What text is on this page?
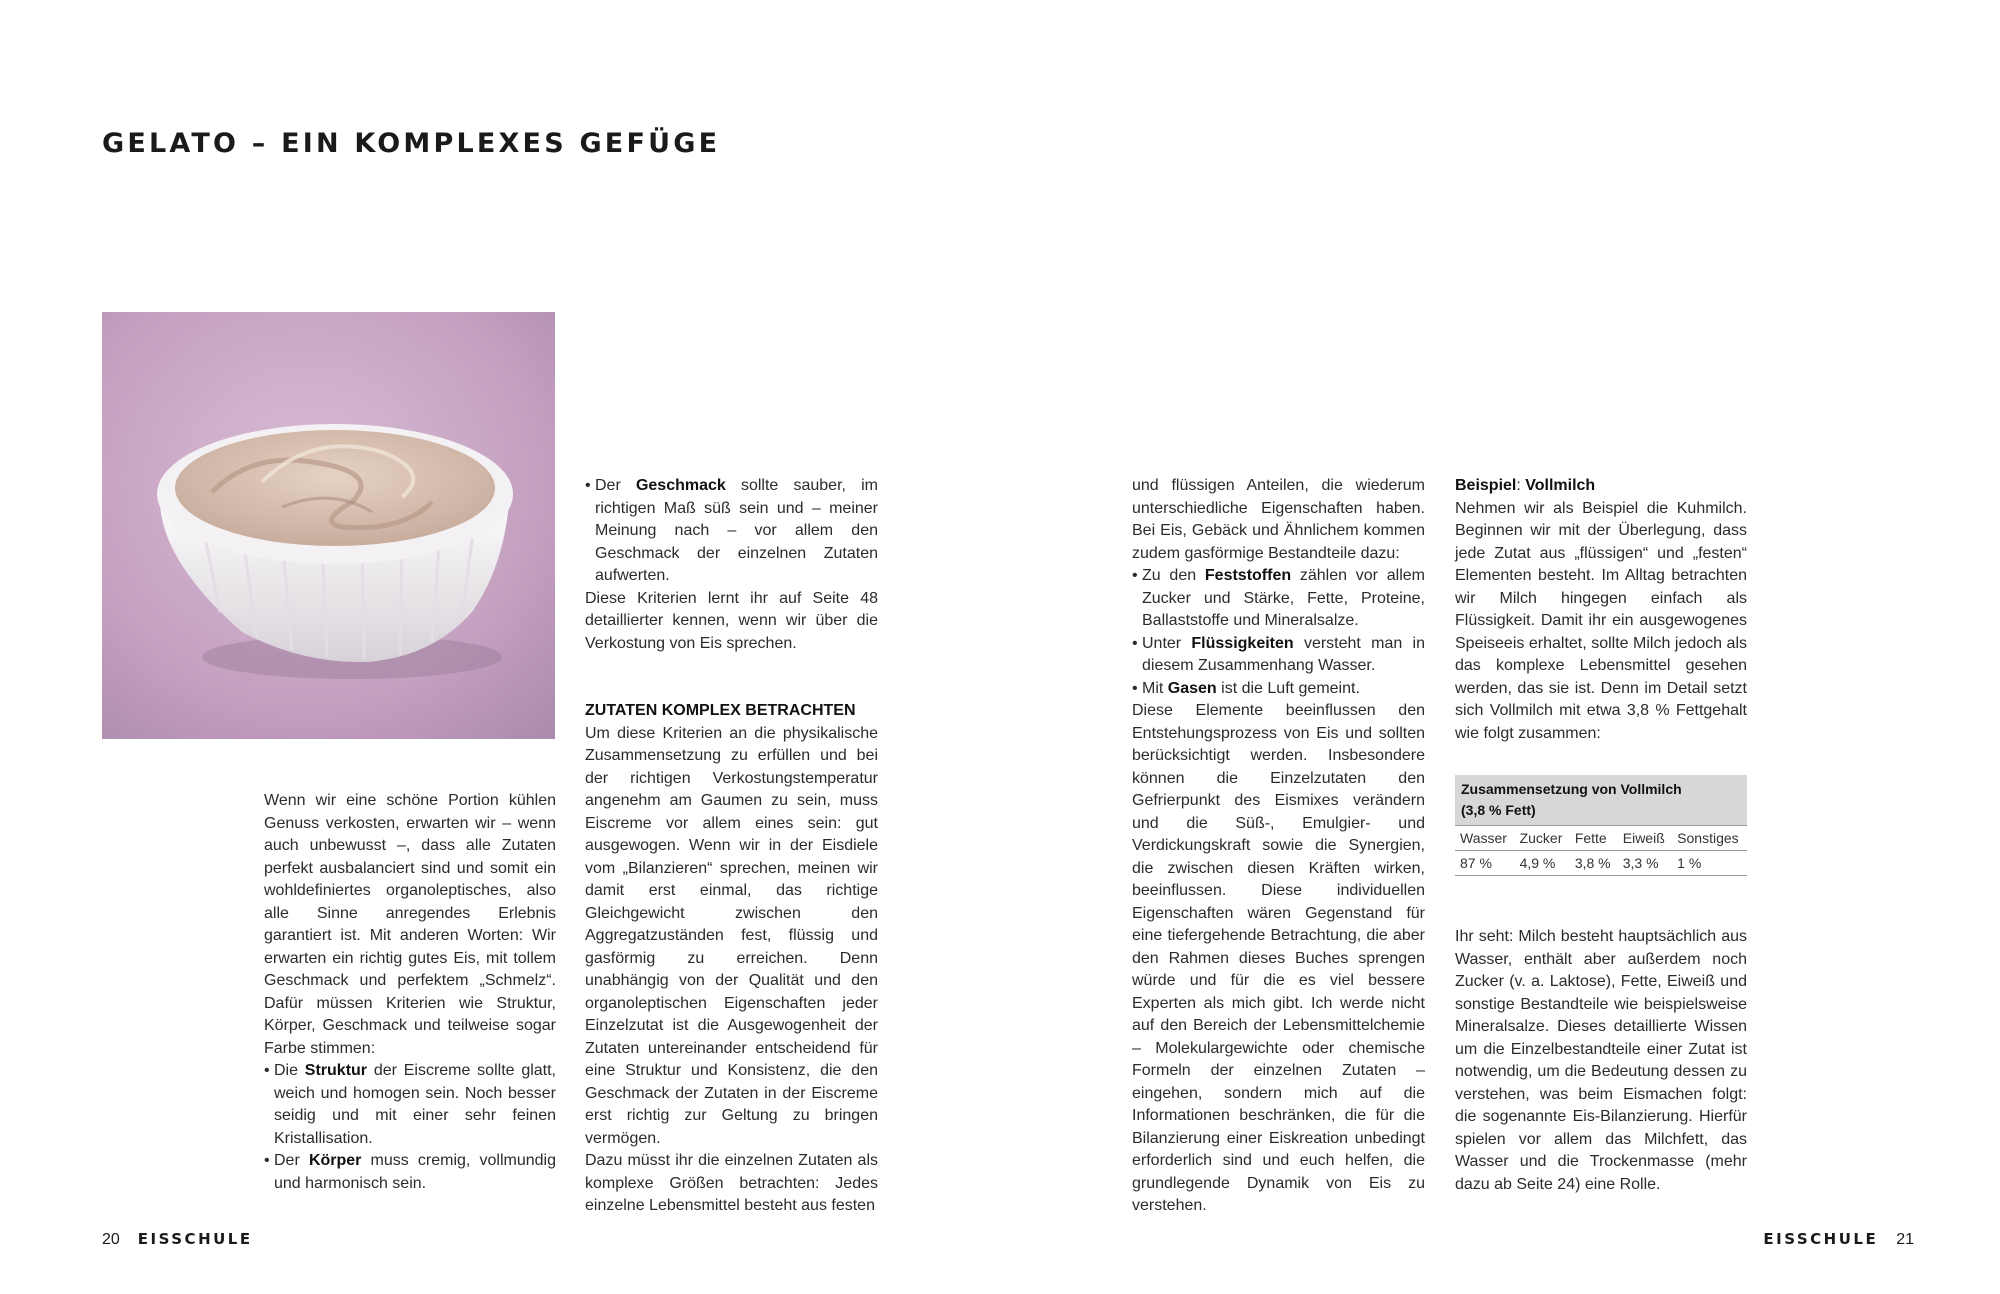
GELATO – EIN KOMPLEXES GEFÜGE

Wenn wir eine schöne Portion kühlen Genuss verkosten, erwarten wir – wenn auch unbewusst –, dass alle Zutaten perfekt ausbalanciert sind und somit ein wohldefiniertes organoleptisches, also alle Sinne anregendes Erlebnis garantiert ist. Mit anderen Worten: Wir erwarten ein richtig gutes Eis, mit tollem Geschmack und perfektem „Schmelz“. Dafür müssen Kriterien wie Struktur, Körper, Geschmack und teilweise sogar Farbe stimmen:

• Die Struktur der Eiscreme sollte glatt, weich und homogen sein. Noch besser seidig und mit einer sehr feinen Kristallisation.
• Der Körper muss cremig, vollmundig und harmonisch sein.
• Der Geschmack sollte sauber, im richtigen Maß süß sein und – meiner Meinung nach – vor allem den Geschmack der einzelnen Zutaten aufwerten.

Diese Kriterien lernt ihr auf Seite 48 detaillierter kennen, wenn wir über die Verkostung von Eis sprechen.

ZUTATEN KOMPLEX BETRACHTEN

Um diese Kriterien an die physikalische Zusammensetzung zu erfüllen und bei der richtigen Verkostungstemperatur angenehm am Gaumen zu sein, muss Eiscreme vor allem eines sein: gut ausgewogen. Wenn wir in der Eisdiele vom „Bilanzieren“ sprechen, meinen wir damit erst einmal, das richtige Gleichgewicht zwischen den Aggregatzuständen fest, flüssig und gasförmig zu erreichen. Denn unabhängig von der Qualität und den organoleptischen Eigenschaften jeder Einzelzutat ist die Ausgewogenheit der Zutaten untereinander entscheidend für eine Struktur und Konsistenz, die den Geschmack der Zutaten in der Eiscreme erst richtig zur Geltung zu bringen vermögen.

Dazu müsst ihr die einzelnen Zutaten als komplexe Größen betrachten: Jedes einzelne Lebensmittel besteht aus festen

und flüssigen Anteilen, die wiederum unterschiedliche Eigenschaften haben. Bei Eis, Gebäck und Ähnlichem kommen zudem gasförmige Bestandteile dazu:

• Zu den Feststoffen zählen vor allem Zucker und Stärke, Fette, Proteine, Ballaststoffe und Mineralsalze.
• Unter Flüssigkeiten versteht man in diesem Zusammenhang Wasser.
• Mit Gasen ist die Luft gemeint.

Diese Elemente beeinflussen den Entstehungsprozess von Eis und sollten berücksichtigt werden. Insbesondere können die Einzelzutaten den Gefrierpunkt des Eismixes verändern und die Süß-, Emulgier- und Verdickungskraft sowie die Synergien, die zwischen diesen Kräften wirken, beeinflussen. Diese individuellen Eigenschaften wären Gegenstand für eine tiefergehende Betrachtung, die aber den Rahmen dieses Buches sprengen würde und für die es viel bessere Experten als mich gibt. Ich werde nicht auf den Bereich der Lebensmittelchemie – Molekulargewichte oder chemische Formeln der einzelnen Zutaten – eingehen, sondern mich auf die Informationen beschränken, die für die Bilanzierung einer Eiskreation unbedingt erforderlich sind und euch helfen, die grundlegende Dynamik von Eis zu verstehen.

Beispiel: Vollmilch

Nehmen wir als Beispiel die Kuhmilch. Beginnen wir mit der Überlegung, dass jede Zutat aus „flüssigen“ und „festen“ Elementen besteht. Im Alltag betrachten wir Milch hingegen einfach als Flüssigkeit. Damit ihr ein ausgewogenes Speiseeis erhaltet, sollte Milch jedoch als das komplexe Lebensmittel gesehen werden, das sie ist. Denn im Detail setzt sich Vollmilch mit etwa 3,8 % Fettgehalt wie folgt zusammen:

Zusammensetzung von Vollmilch
(3,8 % Fett)
Wasser	Zucker	Fette	Eiweiß	Sonstiges
87 %	4,9 %	3,8 %	3,3 %	1 %

Ihr seht: Milch besteht hauptsächlich aus Wasser, enthält aber außerdem noch Zucker (v. a. Laktose), Fette, Eiweiß und sonstige Bestandteile wie beispielsweise Mineralsalze. Dieses detaillierte Wissen um die Einzelbestandteile einer Zutat ist notwendig, um die Bedeutung dessen zu verstehen, was beim Eismachen folgt: die sogenannte Eis-Bilanzierung. Hierfür spielen vor allem das Milchfett, das Wasser und die Trockenmasse (mehr dazu ab Seite 24) eine Rolle.

20 EISSCHULE	EISSCHULE 21
